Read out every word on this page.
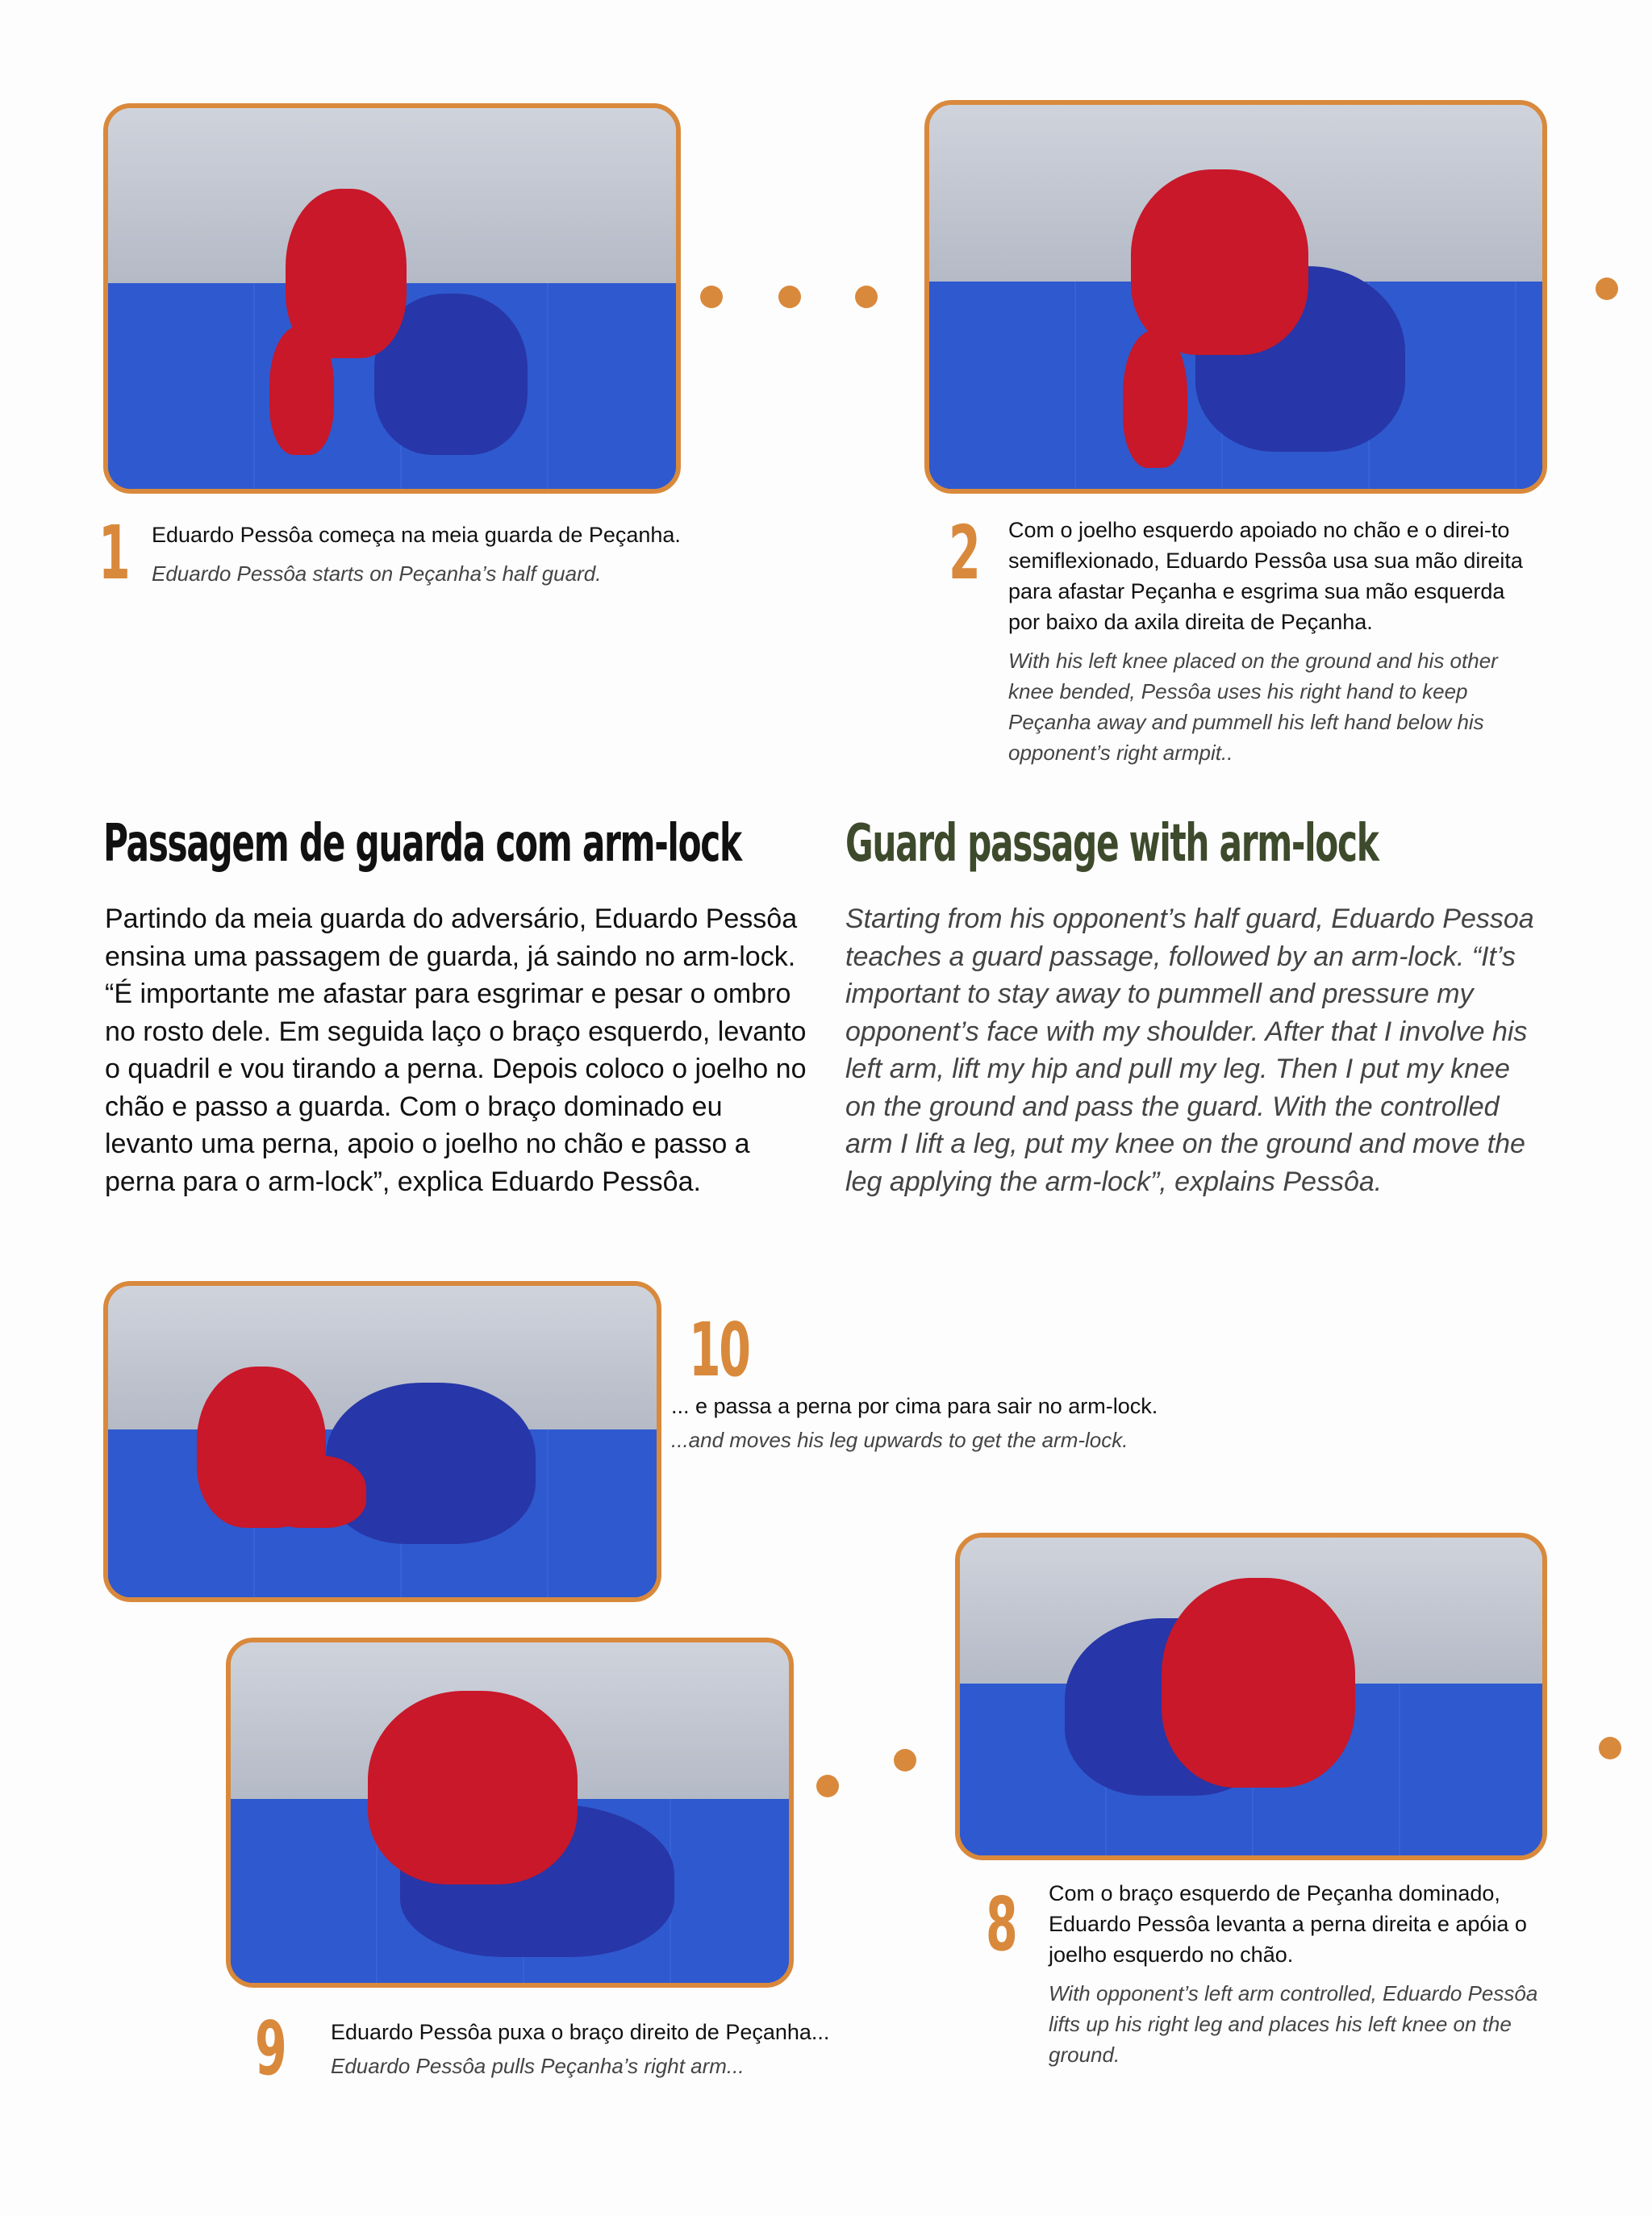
1 Eduardo Pessôa começa na meia guarda de Peçanha.

Eduardo Pessôa starts on Peçanha’s half guard.	2 Com o joelho esquerdo apoiado no chão e o direi-to semiflexionado, Eduardo Pessôa usa sua mão direita para afastar Peçanha e esgrima sua mão esquerda por baixo da axila direita de Peçanha.

With his left knee placed on the ground and his other knee bended, Pessôa uses his right hand to keep Peçanha away and pummell his left hand below his opponent’s right armpit..

Passagem de guarda com arm-lock Guard passage with arm-lock
Partindo da meia guarda do adversário, Eduardo Pessôa ensina uma passagem de guarda, já saindo no arm-lock. “É importante me afastar para esgrimar e pesar o ombro no rosto dele. Em seguida laço o braço esquerdo, levanto o quadril e vou tirando a perna. Depois coloco o joelho no chão e passo a guarda. Com o braço dominado eu levanto uma perna, apoio o joelho no chão e passo a perna para o arm-lock”, explica Eduardo Pessôa.
Starting from his opponent’s half guard, Eduardo Pessoa teaches a guard passage, followed by an arm-lock. “It’s important to stay away to pummell and pressure my opponent’s face with my shoulder. After that I involve his left arm, lift my hip and pull my leg. Then I put my knee on the ground and pass the guard. With the controlled arm I lift a leg, put my knee on the ground and move the leg applying the arm-lock”, explains Pessôa.
10

... e passa a perna por cima para sair no arm-lock.

...and moves his leg upwards to get the arm-lock.

8 Com o braço esquerdo de Peçanha dominado, Eduardo Pessôa levanta a perna direita e apóia o joelho esquerdo no chão.

With opponent’s left arm controlled, Eduardo Pessôa lifts up his right leg and places his left knee on the ground.

9 Eduardo Pessôa puxa o braço direito de Peçanha...

Eduardo Pessôa pulls Peçanha’s right arm...
